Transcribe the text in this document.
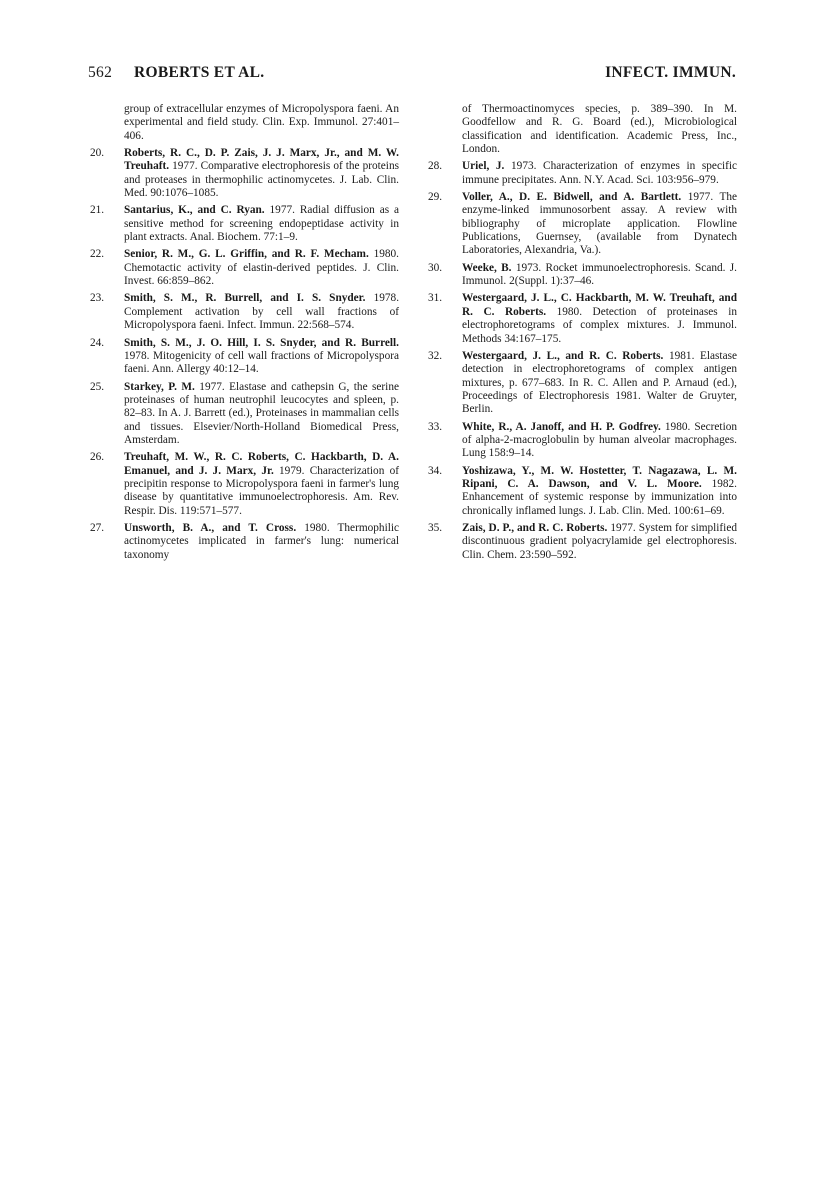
562 ROBERTS ET AL.	INFECT. IMMUN.
group of extracellular enzymes of Micropolyspora faeni. An experimental and field study. Clin. Exp. Immunol. 27:401–406.
20.	Roberts, R. C., D. P. Zais, J. J. Marx, Jr., and M. W. Treuhaft. 1977. Comparative electrophoresis of the proteins and proteases in thermophilic actinomycetes. J. Lab. Clin. Med. 90:1076–1085.
21.	Santarius, K., and C. Ryan. 1977. Radial diffusion as a sensitive method for screening endopeptidase activity in plant extracts. Anal. Biochem. 77:1–9.
22.	Senior, R. M., G. L. Griffin, and R. F. Mecham. 1980. Chemotactic activity of elastin-derived peptides. J. Clin. Invest. 66:859–862.
23.	Smith, S. M., R. Burrell, and I. S. Snyder. 1978. Complement activation by cell wall fractions of Micropolyspora faeni. Infect. Immun. 22:568–574.
24.	Smith, S. M., J. O. Hill, I. S. Snyder, and R. Burrell. 1978. Mitogenicity of cell wall fractions of Micropolyspora faeni. Ann. Allergy 40:12–14.
25.	Starkey, P. M. 1977. Elastase and cathepsin G, the serine proteinases of human neutrophil leucocytes and spleen, p. 82–83. In A. J. Barrett (ed.), Proteinases in mammalian cells and tissues. Elsevier/North-Holland Biomedical Press, Amsterdam.
26.	Treuhaft, M. W., R. C. Roberts, C. Hackbarth, D. A. Emanuel, and J. J. Marx, Jr. 1979. Characterization of precipitin response to Micropolyspora faeni in farmer's lung disease by quantitative immunoelectrophoresis. Am. Rev. Respir. Dis. 119:571–577.
27.	Unsworth, B. A., and T. Cross. 1980. Thermophilic actinomycetes implicated in farmer's lung: numerical taxonomy
of Thermoactinomyces species, p. 389–390. In M. Goodfellow and R. G. Board (ed.), Microbiological classification and identification. Academic Press, Inc., London.
28.	Uriel, J. 1973. Characterization of enzymes in specific immune precipitates. Ann. N.Y. Acad. Sci. 103:956–979.
29.	Voller, A., D. E. Bidwell, and A. Bartlett. 1977. The enzyme-linked immunosorbent assay. A review with bibliography of microplate application. Flowline Publications, Guernsey, (available from Dynatech Laboratories, Alexandria, Va.).
30.	Weeke, B. 1973. Rocket immunoelectrophoresis. Scand. J. Immunol. 2(Suppl. 1):37–46.
31.	Westergaard, J. L., C. Hackbarth, M. W. Treuhaft, and R. C. Roberts. 1980. Detection of proteinases in electrophoretograms of complex mixtures. J. Immunol. Methods 34:167–175.
32.	Westergaard, J. L., and R. C. Roberts. 1981. Elastase detection in electrophoretograms of complex antigen mixtures, p. 677–683. In R. C. Allen and P. Arnaud (ed.), Proceedings of Electrophoresis 1981. Walter de Gruyter, Berlin.
33.	White, R., A. Janoff, and H. P. Godfrey. 1980. Secretion of alpha-2-macroglobulin by human alveolar macrophages. Lung 158:9–14.
34.	Yoshizawa, Y., M. W. Hostetter, T. Nagazawa, L. M. Ripani, C. A. Dawson, and V. L. Moore. 1982. Enhancement of systemic response by immunization into chronically inflamed lungs. J. Lab. Clin. Med. 100:61–69.
35.	Zais, D. P., and R. C. Roberts. 1977. System for simplified discontinuous gradient polyacrylamide gel electrophoresis. Clin. Chem. 23:590–592.
